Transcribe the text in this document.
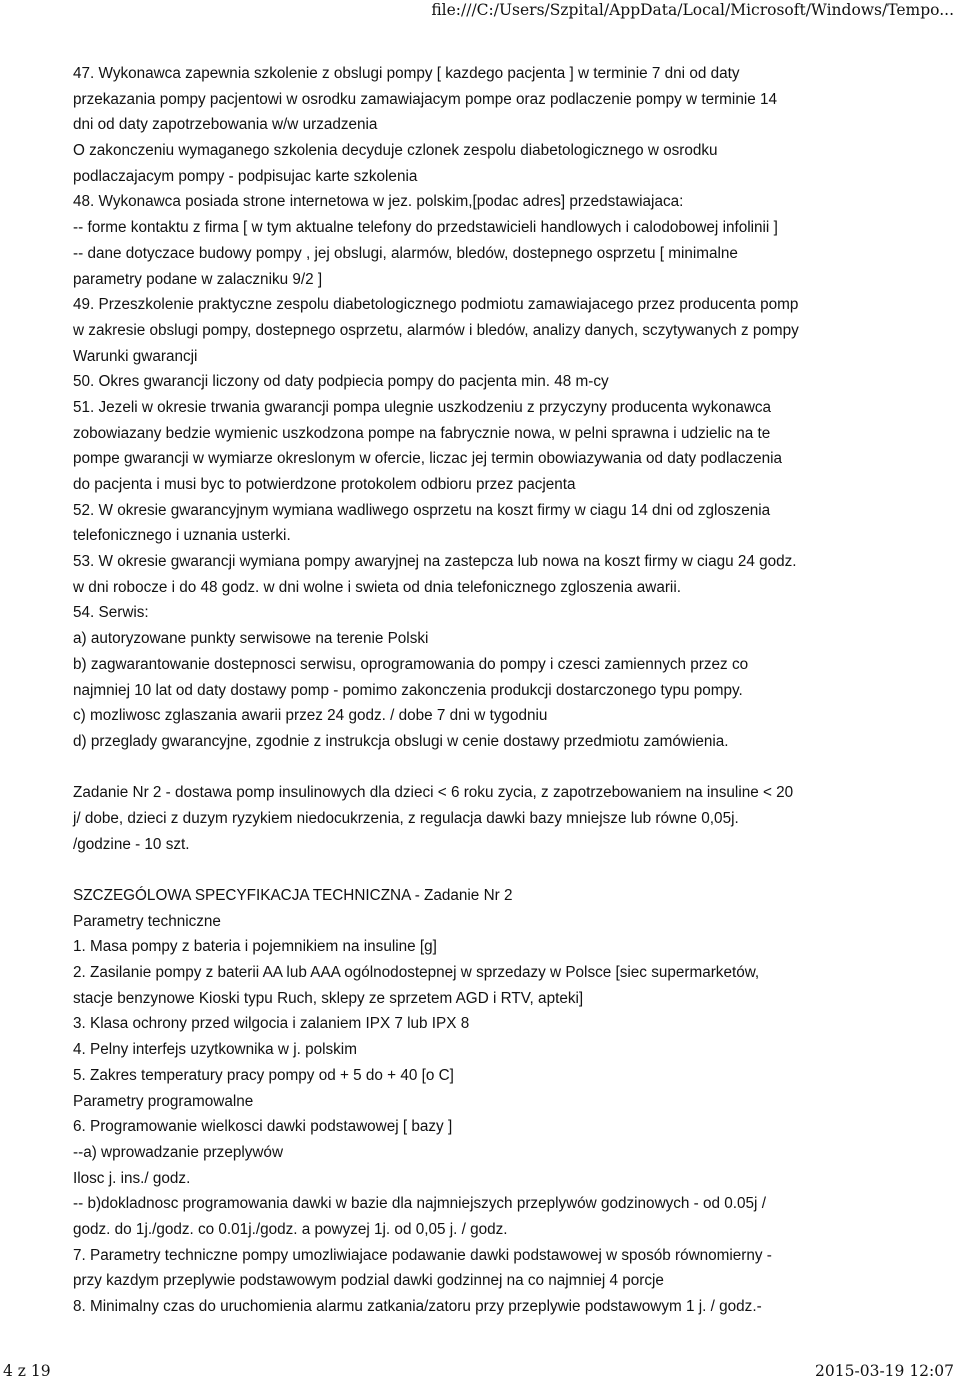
file:///C:/Users/Szpital/AppData/Local/Microsoft/Windows/Tempo...
47. Wykonawca zapewnia szkolenie z obslugi pompy [ kazdego pacjenta ] w terminie 7 dni od daty
przekazania pompy pacjentowi w osrodku zamawiajacym pompe oraz podlaczenie pompy w terminie 14
dni od daty zapotrzebowania w/w urzadzenia
O zakonczeniu wymaganego szkolenia decyduje czlonek zespolu diabetologicznego w osrodku
podlaczajacym pompy - podpisujac karte szkolenia
48. Wykonawca posiada strone internetowa w jez. polskim,[podac adres] przedstawiajaca:
-- forme kontaktu z firma [ w tym aktualne telefony do przedstawicieli handlowych i calodobowej infolinii ]
-- dane dotyczace budowy pompy , jej obslugi, alarmów, bledów, dostepnego osprzetu [ minimalne
parametry podane w zalaczniku 9/2 ]
49. Przeszkolenie praktyczne zespolu diabetologicznego podmiotu zamawiajacego przez producenta pomp
w zakresie obslugi pompy, dostepnego osprzetu, alarmów i bledów, analizy danych, sczytywanych z pompy
Warunki gwarancji
50. Okres gwarancji liczony od daty podpiecia pompy do pacjenta min. 48 m-cy
51. Jezeli w okresie trwania gwarancji pompa ulegnie uszkodzeniu z przyczyny producenta wykonawca
zobowiazany bedzie wymienic uszkodzona pompe na fabrycznie nowa, w pelni sprawna i udzielic na te
pompe gwarancji w wymiarze okreslonym w ofercie, liczac jej termin obowiazywania od daty podlaczenia
do pacjenta i musi byc to potwierdzone protokolem odbioru przez pacjenta
52. W okresie gwarancyjnym wymiana wadliwego osprzetu na koszt firmy w ciagu 14 dni od zgloszenia
telefonicznego i uznania usterki.
53. W okresie gwarancji wymiana pompy awaryjnej na zastepcza lub nowa na koszt firmy w ciagu 24 godz.
w dni robocze i do 48 godz. w dni wolne i swieta od dnia telefonicznego zgloszenia awarii.
54. Serwis:
a) autoryzowane punkty serwisowe na terenie Polski
b) zagwarantowanie dostepnosci serwisu, oprogramowania do pompy i czesci zamiennych przez co
najmniej 10 lat od daty dostawy pomp - pomimo zakonczenia produkcji dostarczonego typu pompy.
c) mozliwosc zglaszania awarii przez 24 godz. / dobe 7 dni w tygodniu
d) przeglady gwarancyjne, zgodnie z instrukcja obslugi w cenie dostawy przedmiotu zamówienia.
Zadanie Nr 2 - dostawa pomp insulinowych dla dzieci < 6 roku zycia, z zapotrzebowaniem na insuline < 20
j/ dobe, dzieci z duzym ryzykiem niedocukrzenia, z regulacja dawki bazy mniejsze lub równe 0,05j.
/godzine - 10 szt.
SZCZEGÓLOWA SPECYFIKACJA TECHNICZNA - Zadanie Nr 2
Parametry techniczne
1. Masa pompy z bateria i pojemnikiem na insuline [g]
2. Zasilanie pompy z baterii AA lub AAA ogólnodostepnej w sprzedazy w Polsce [siec supermarketów,
stacje benzynowe Kioski typu Ruch, sklepy ze sprzetem AGD i RTV, apteki]
3. Klasa ochrony przed wilgocia i zalaniem IPX 7 lub IPX 8
4. Pelny interfejs uzytkownika w j. polskim
5. Zakres temperatury pracy pompy od + 5 do + 40 [o C]
Parametry programowalne
6. Programowanie wielkosci dawki podstawowej [ bazy ]
--a) wprowadzanie przeplywów
Ilosc j. ins./ godz.
-- b)dokladnosc programowania dawki w bazie dla najmniejszych przeplywów godzinowych - od 0.05j /
godz. do 1j./godz. co 0.01j./godz. a powyzej 1j. od 0,05 j. / godz.
7. Parametry techniczne pompy umozliwiajace podawanie dawki podstawowej w sposób równomierny -
przy kazdym przeplywie podstawowym podzial dawki godzinnej na co najmniej 4 porcje
8. Minimalny czas do uruchomienia alarmu zatkania/zatoru przy przeplywie podstawowym 1 j. / godz.-
4 z 19	2015-03-19 12:07
